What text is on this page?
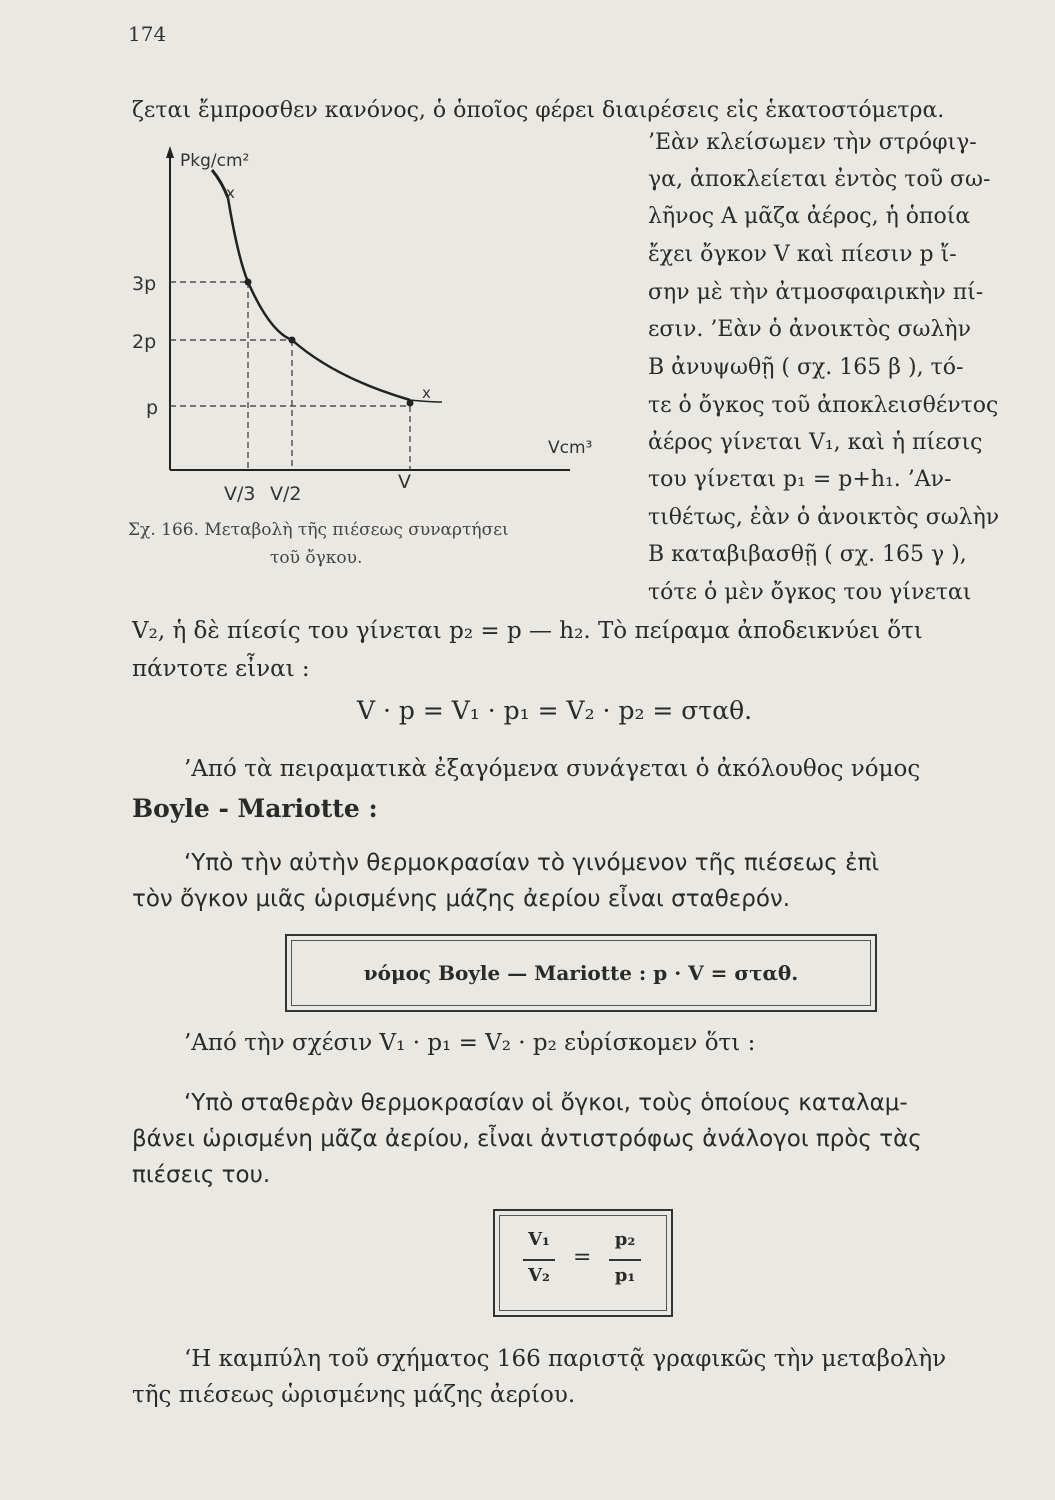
174
ζεται ἔμπροσθεν κανόνος, ὁ ὁποῖος φέρει διαιρέσεις εἰς ἑκατοστόμετρα.
Pkg/cm²
Vcm³
x
x
3p
2p
p
V/3 V/2
V
Σχ. 166. Μεταβολὴ τῆς πιέσεως συναρτήσει
τοῦ ὄγκου.
’Εὰν κλείσωμεν τὴν στρόφιγ-
γα, ἀποκλείεται ἐντὸς τοῦ σω-
λῆνος Α μᾶζα ἀέρος, ἡ ὁποία
ἔχει ὄγκον V καὶ πίεσιν p ἴ-
σην μὲ τὴν ἀτμοσφαιρικὴν πί-
εσιν. ’Εὰν ὁ ἀνοικτὸς σωλὴν
Β ἀνυψωθῇ ( σχ. 165 β ), τό-
τε ὁ ὄγκος τοῦ ἀποκλεισθέντος
ἀέρος γίνεται V₁, καὶ ἡ πίεσις
του γίνεται p₁ = p+h₁. ’Αν-
τιθέτως, ἐὰν ὁ ἀνοικτὸς σωλὴν
Β καταβιβασθῇ ( σχ. 165 γ ),
τότε ὁ μὲν ὄγκος του γίνεται
V₂, ἡ δὲ πίεσίς του γίνεται p₂ = p — h₂. Τὸ πείραμα ἀποδεικνύει ὅτι
πάντοτε εἶναι :
V · p = V₁ · p₁ = V₂ · p₂ = σταθ.
’Από τὰ πειραματικὰ ἐξαγόμενα συνάγεται ὁ ἀκόλουθος νόμος
Boyle - Mariotte :
‘Υπὸ τὴν αὐτὴν θερμοκρασίαν τὸ γινόμενον τῆς πιέσεως ἐπὶ
τὸν ὄγκον μιᾶς ὡρισμένης μάζης ἀερίου εἶναι σταθερόν.
νόμος Boyle — Mariotte : p · V = σταθ.
’Από τὴν σχέσιν V₁ · p₁ = V₂ · p₂ εὑρίσκομεν ὅτι :
‘Υπὸ σταθερὰν θερμοκρασίαν οἱ ὄγκοι, τοὺς ὁποίους καταλαμ-
βάνει ὡρισμένη μᾶζα ἀερίου, εἶναι ἀντιστρόφως ἀνάλογοι πρὸς τὰς
πιέσεις του.
V₁
V₂
=
p₂
p₁
‘Η καμπύλη τοῦ σχήματος 166 παριστᾷ γραφικῶς τὴν μεταβολὴν
τῆς πιέσεως ὡρισμένης μάζης ἀερίου.
